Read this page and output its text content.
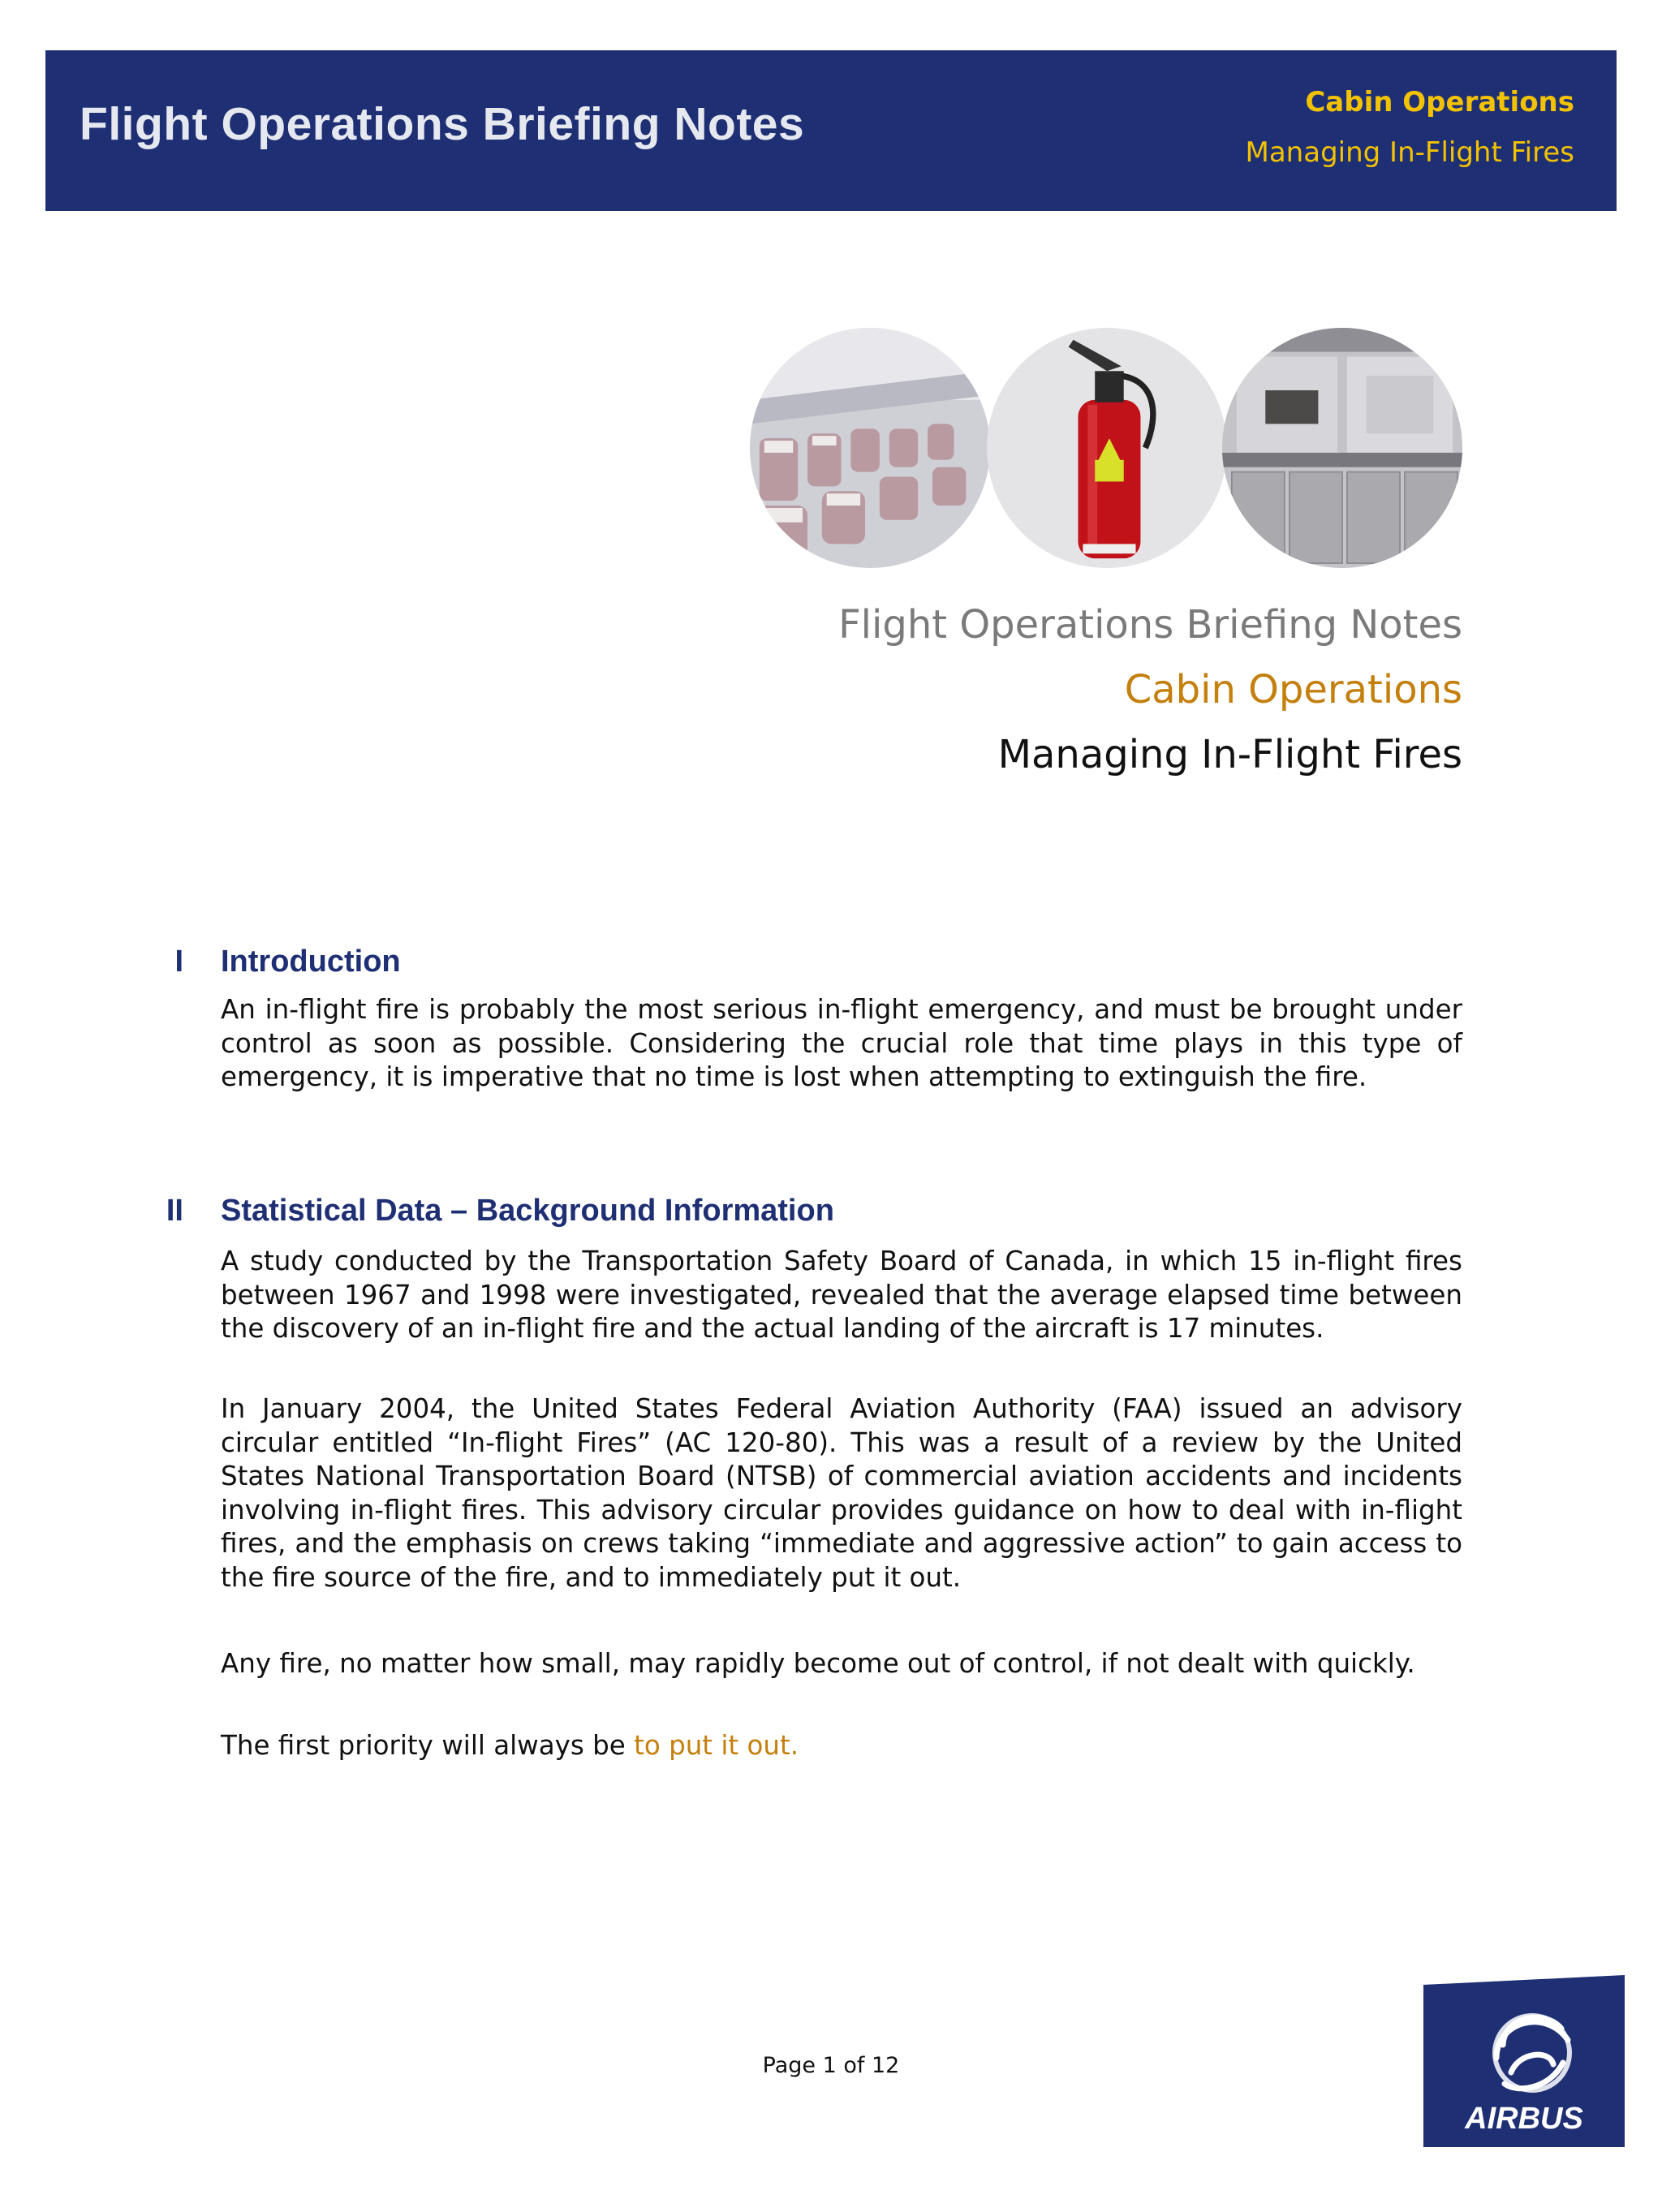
Flight Operations Briefing Notes	Cabin Operations
Managing In-Flight Fires
Flight Operations Briefing Notes
Cabin Operations
Managing In-Flight Fires
I Introduction

An in-flight fire is probably the most serious in-flight emergency, and must be brought under control as soon as possible. Considering the crucial role that time plays in this type of emergency, it is imperative that no time is lost when attempting to extinguish the fire.

II Statistical Data – Background Information

A study conducted by the Transportation Safety Board of Canada, in which 15 in-flight fires between 1967 and 1998 were investigated, revealed that the average elapsed time between the discovery of an in-flight fire and the actual landing of the aircraft is 17 minutes.

In January 2004, the United States Federal Aviation Authority (FAA) issued an advisory circular entitled “In-flight Fires” (AC 120-80). This was a result of a review by the United States National Transportation Board (NTSB) of commercial aviation accidents and incidents involving in-flight fires. This advisory circular provides guidance on how to deal with in-flight fires, and the emphasis on crews taking “immediate and aggressive action” to gain access to the fire source of the fire, and to immediately put it out.

Any fire, no matter how small, may rapidly become out of control, if not dealt with quickly.

The first priority will always be to put it out.

Page 1 of 12
AIRBUS
